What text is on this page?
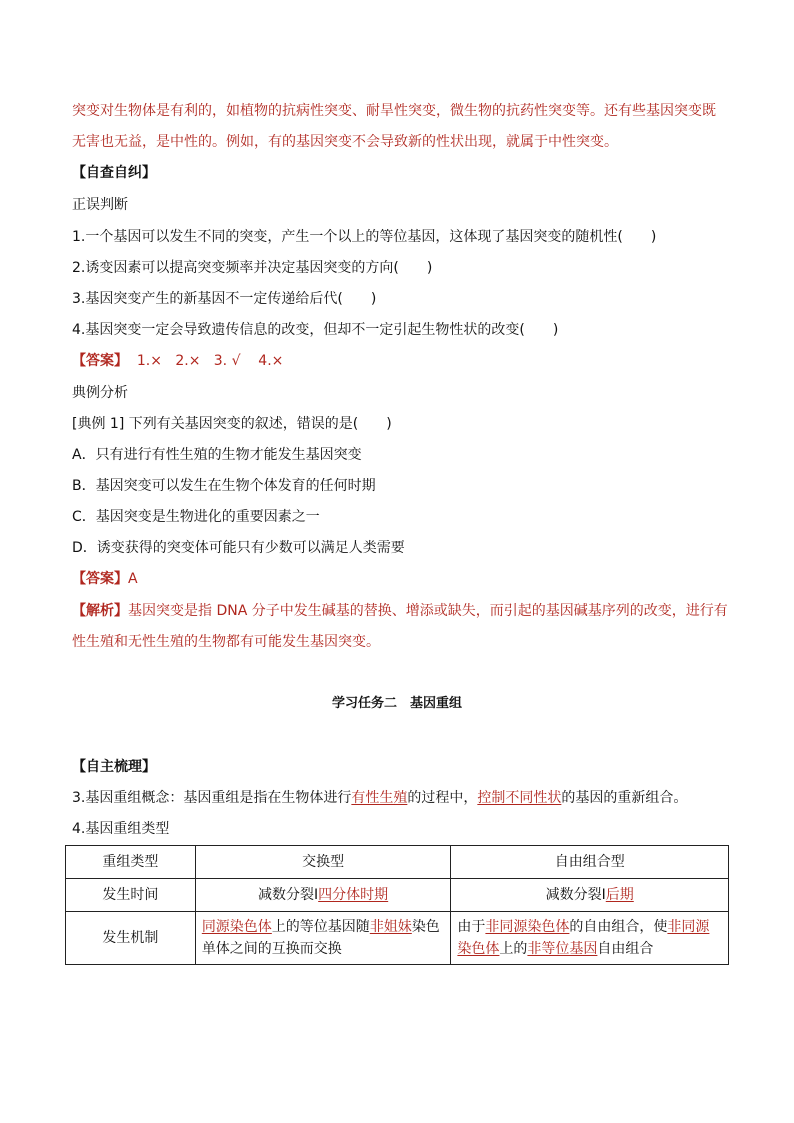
突变对生物体是有利的，如植物的抗病性突变、耐旱性突变，微生物的抗药性突变等。还有些基因突变既
无害也无益，是中性的。例如，有的基因突变不会导致新的性状出现，就属于中性突变。
【自查自纠】
正误判断
1.一个基因可以发生不同的突变，产生一个以上的等位基因，这体现了基因突变的随机性(　　)
2.诱变因素可以提高突变频率并决定基因突变的方向(　　)
3.基因突变产生的新基因不一定传递给后代(　　)
4.基因突变一定会导致遗传信息的改变，但却不一定引起生物性状的改变(　　)
【答案】  1.×   2.×   3. √    4.×
典例分析
[典例 1] 下列有关基因突变的叙述，错误的是(　　)
A．只有进行有性生殖的生物才能发生基因突变
B．基因突变可以发生在生物个体发育的任何时期
C．基因突变是生物进化的重要因素之一
D．诱变获得的突变体可能只有少数可以满足人类需要
【答案】A
【解析】基因突变是指 DNA 分子中发生碱基的替换、增添或缺失，而引起的基因碱基序列的改变，进行有
性生殖和无性生殖的生物都有可能发生基因突变。
学习任务二　基因重组
【自主梳理】
3.基因重组概念：基因重组是指在生物体进行有性生殖的过程中，控制不同性状的基因的重新组合。
4.基因重组类型
重组类型	交换型	自由组合型
发生时间	减数分裂Ⅰ四分体时期	减数分裂Ⅰ后期
发生机制	同源染色体上的等位基因随非姐妹染色单体之间的互换而交换	由于非同源染色体的自由组合，使非同源染色体上的非等位基因自由组合
